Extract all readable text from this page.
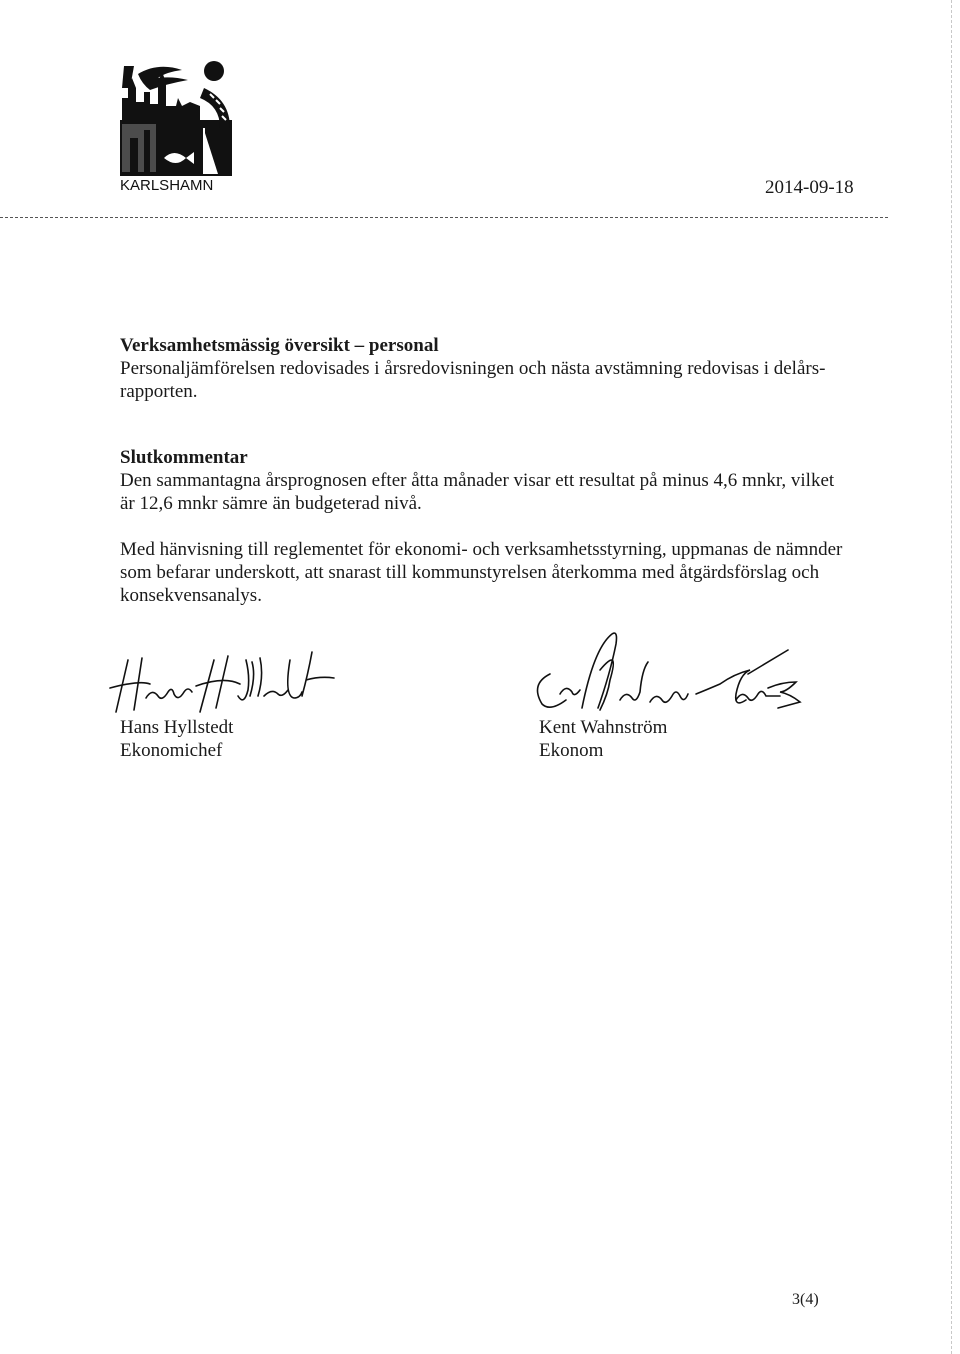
KARLSHAMN	2014-09-18

Verksamhetsmässig översikt – personal

Personaljämförelsen redovisades i årsredovisningen och nästa avstämning redovisas i delårs-

rapporten.

Slutkommentar

Den sammantagna årsprognosen efter åtta månader visar ett resultat på minus 4,6 mnkr, vilket

är 12,6 mnkr sämre än budgeterad nivå.

Med hänvisning till reglementet för ekonomi- och verksamhetsstyrning, uppmanas de nämnder

som befarar underskott, att snarast till kommunstyrelsen återkomma med åtgärdsförslag och

konsekvensanalys.

Hans Hyllstedt
Ekonomichef
Kent Wahnström
Ekonom
3(4)
